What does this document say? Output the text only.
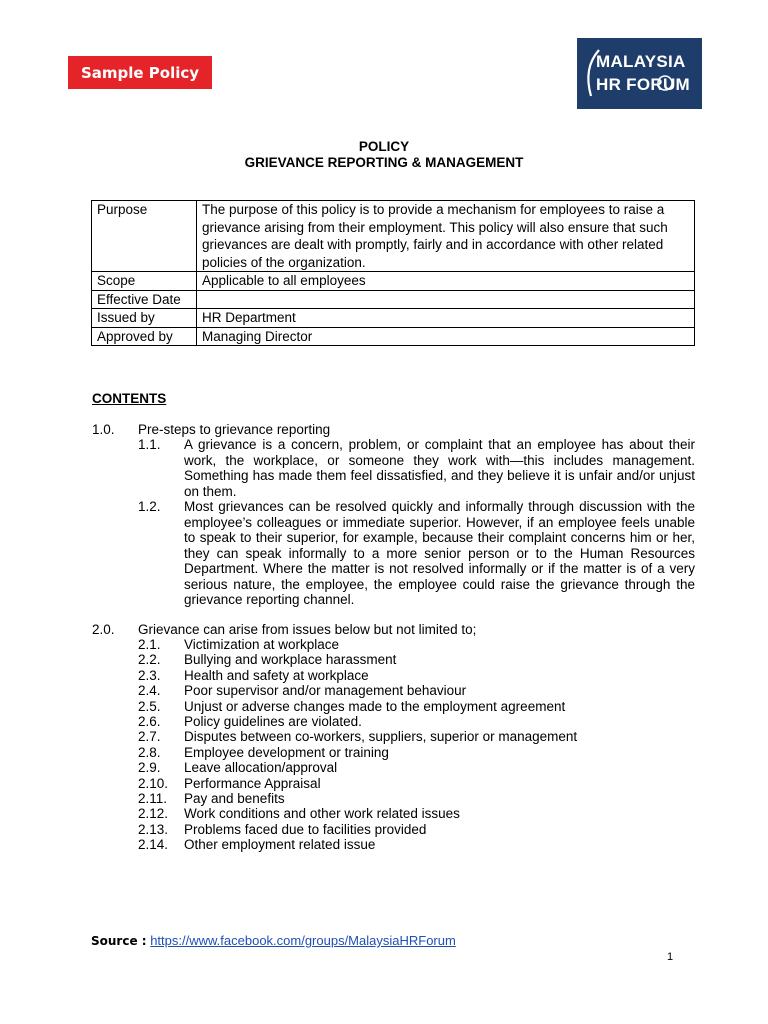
Sample Policy
MALAYSIA
HR FORUM
POLICY
GRIEVANCE REPORTING & MANAGEMENT
Purpose	The purpose of this policy is to provide a mechanism for employees to raise a grievance arising from their employment. This policy will also ensure that such grievances are dealt with promptly, fairly and in accordance with other related policies of the organization.
Scope	Applicable to all employees
Effective Date	
Issued by	HR Department
Approved by	Managing Director
CONTENTS
1.0. Pre-steps to grievance reporting
1.1. A grievance is a concern, problem, or complaint that an employee has about their work, the workplace, or someone they work with—this includes management. Something has made them feel dissatisfied, and they believe it is unfair and/or unjust on them.
1.2. Most grievances can be resolved quickly and informally through discussion with the employee’s colleagues or immediate superior. However, if an employee feels unable to speak to their superior, for example, because their complaint concerns him or her, they can speak informally to a more senior person or to the Human Resources Department. Where the matter is not resolved informally or if the matter is of a very serious nature, the employee, the employee could raise the grievance through the grievance reporting channel.
2.0. Grievance can arise from issues below but not limited to;
2.1. Victimization at workplace
2.2. Bullying and workplace harassment
2.3. Health and safety at workplace
2.4. Poor supervisor and/or management behaviour
2.5. Unjust or adverse changes made to the employment agreement
2.6. Policy guidelines are violated.
2.7. Disputes between co-workers, suppliers, superior or management
2.8. Employee development or training
2.9. Leave allocation/approval
2.10. Performance Appraisal
2.11. Pay and benefits
2.12. Work conditions and other work related issues
2.13. Problems faced due to facilities provided
2.14. Other employment related issue
Source : https://www.facebook.com/groups/MalaysiaHRForum
1
